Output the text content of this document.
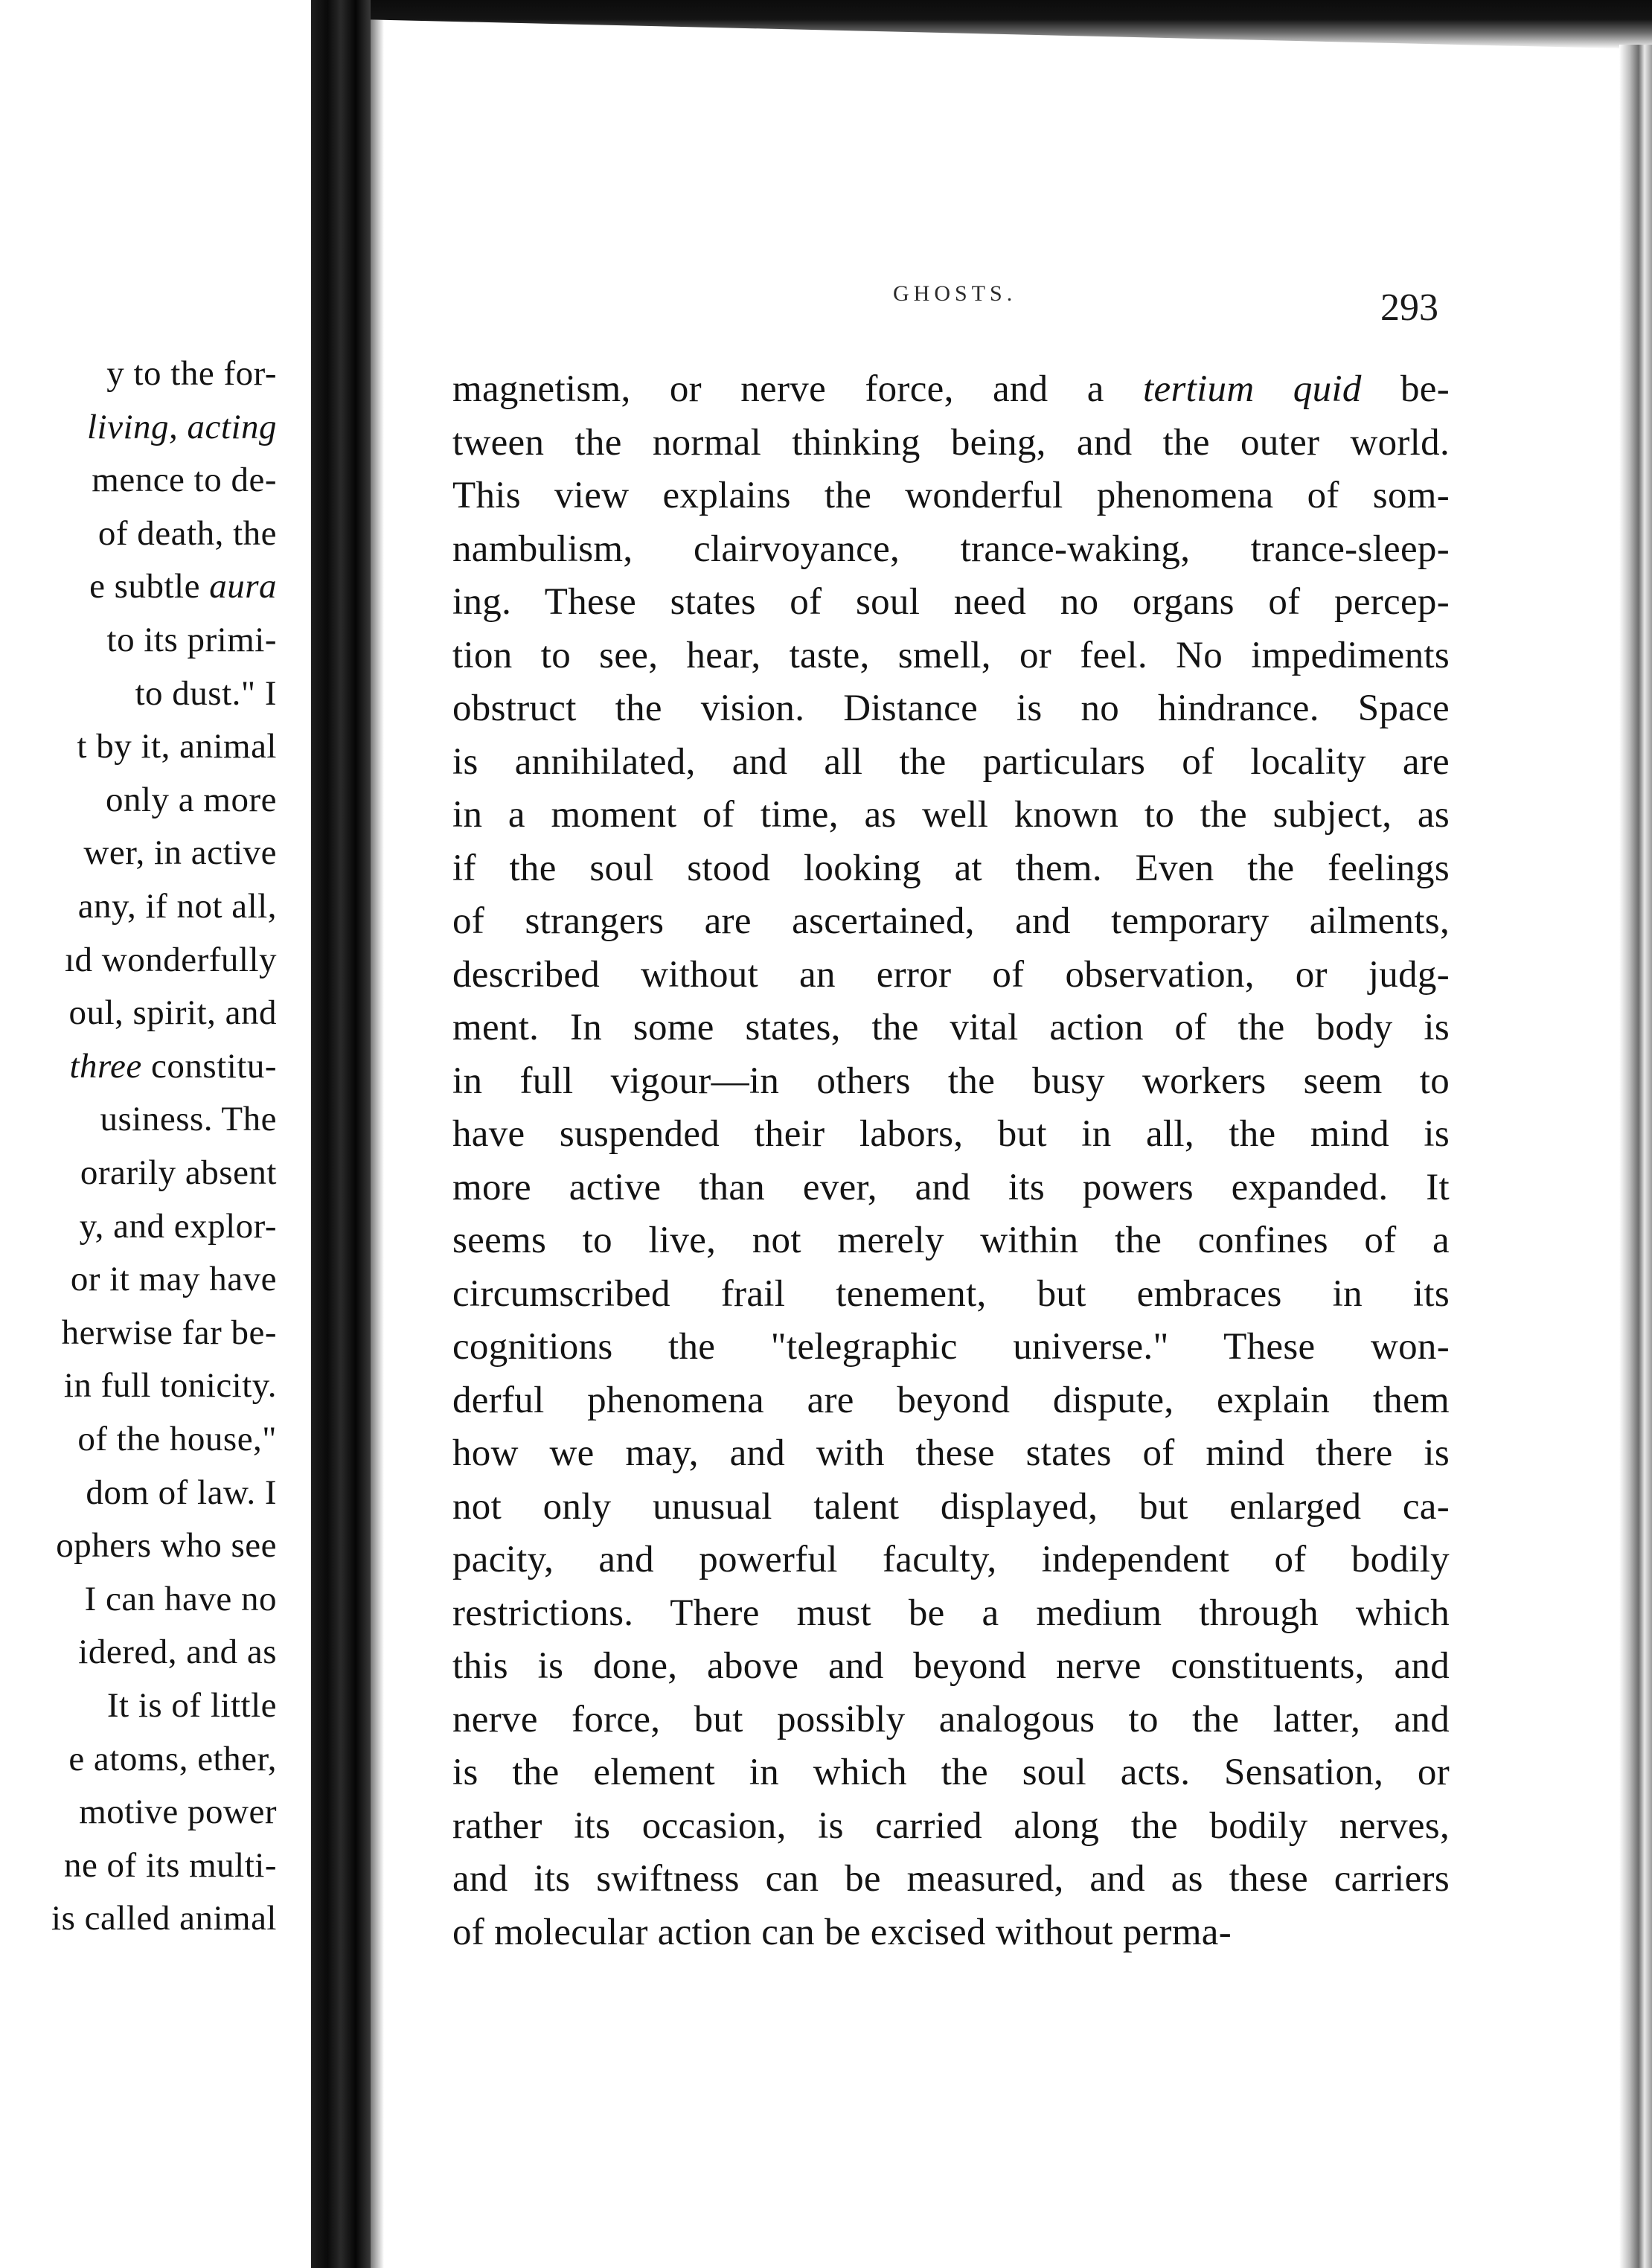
y to the for-
living, acting
mence to de-
of death, the
e subtle aura
to its primi-
to dust." I
t by it, animal
only a more
wer, in active
any, if not all,
ıd wonderfully
oul, spirit, and
three constitu-
usiness. The
orarily absent
y, and explor-
or it may have
herwise far be-
in full tonicity.
of the house,"
dom of law. I
ophers who see
I can have no
idered, and as
It is of little
e atoms, ether,
motive power
ne of its multi-
is called animal
GHOSTS.	293
magnetism, or nerve force, and a tertium quid be-
tween the normal thinking being, and the outer world.
This view explains the wonderful phenomena of som-
nambulism, clairvoyance, trance-waking, trance-sleep-
ing. These states of soul need no organs of percep-
tion to see, hear, taste, smell, or feel. No impediments
obstruct the vision. Distance is no hindrance. Space
is annihilated, and all the particulars of locality are
in a moment of time, as well known to the subject, as
if the soul stood looking at them. Even the feelings
of strangers are ascertained, and temporary ailments,
described without an error of observation, or judg-
ment. In some states, the vital action of the body is
in full vigour—in others the busy workers seem to
have suspended their labors, but in all, the mind is
more active than ever, and its powers expanded. It
seems to live, not merely within the confines of a
circumscribed frail tenement, but embraces in its
cognitions the "telegraphic universe." These won-
derful phenomena are beyond dispute, explain them
how we may, and with these states of mind there is
not only unusual talent displayed, but enlarged ca-
pacity, and powerful faculty, independent of bodily
restrictions. There must be a medium through which
this is done, above and beyond nerve constituents, and
nerve force, but possibly analogous to the latter, and
is the element in which the soul acts. Sensation, or
rather its occasion, is carried along the bodily nerves,
and its swiftness can be measured, and as these carriers
of molecular action can be excised without perma-
